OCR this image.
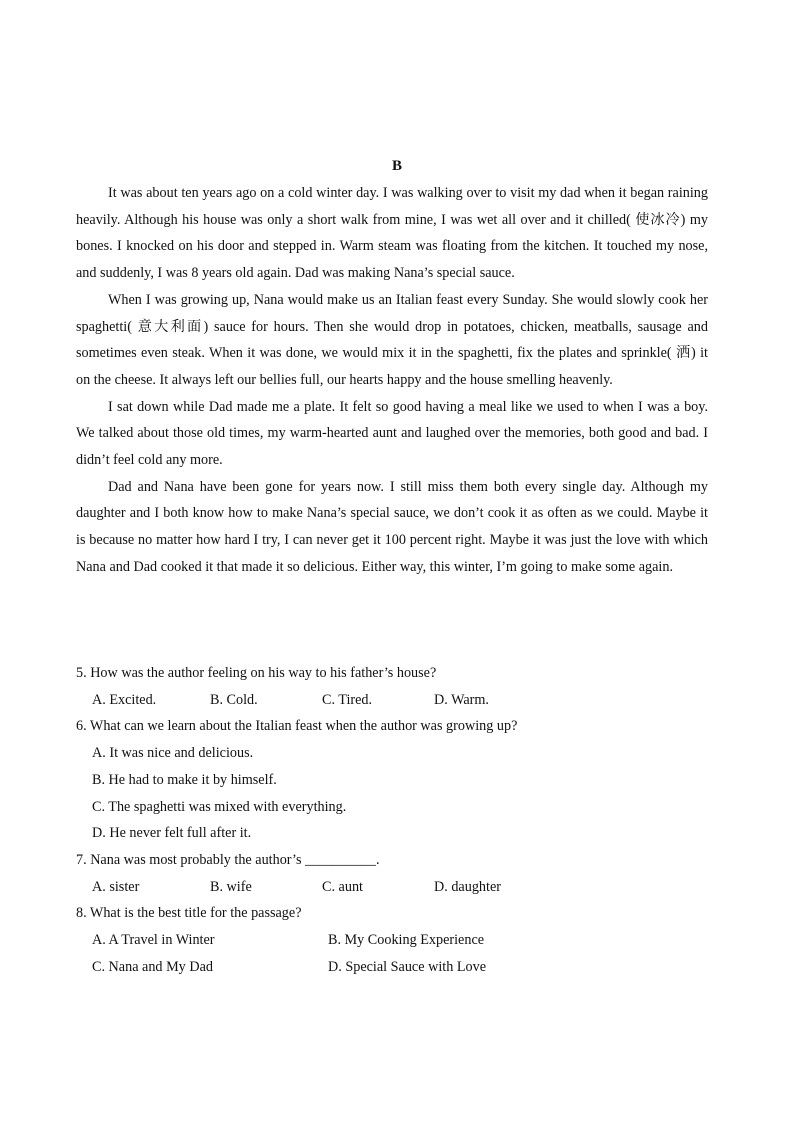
B

It was about ten years ago on a cold winter day. I was walking over to visit my dad when it began raining heavily. Although his house was only a short walk from mine, I was wet all over and it chilled( 使冰冷) my bones. I knocked on his door and stepped in. Warm steam was floating from the kitchen. It touched my nose, and suddenly, I was 8 years old again. Dad was making Nana’s special sauce.

When I was growing up, Nana would make us an Italian feast every Sunday. She would slowly cook her spaghetti( 意大利面) sauce for hours. Then she would drop in potatoes, chicken, meatballs, sausage and sometimes even steak. When it was done, we would mix it in the spaghetti, fix the plates and sprinkle( 洒) it on the cheese. It always left our bellies full, our hearts happy and the house smelling heavenly.

I sat down while Dad made me a plate. It felt so good having a meal like we used to when I was a boy. We talked about those old times, my warm-hearted aunt and laughed over the memories, both good and bad. I didn’t feel cold any more.

Dad and Nana have been gone for years now. I still miss them both every single day. Although my daughter and I both know how to make Nana’s special sauce, we don’t cook it as often as we could. Maybe it is because no matter how hard I try, I can never get it 100 percent right. Maybe it was just the love with which Nana and Dad cooked it that made it so delicious. Either way, this winter, I’m going to make some again.

5. How was the author feeling on his way to his father’s house?

A. Excited.	B. Cold.	C. Tired.	D. Warm.

6. What can we learn about the Italian feast when the author was growing up?

A. It was nice and delicious.

B. He had to make it by himself.

C. The spaghetti was mixed with everything.

D. He never felt full after it.

7. Nana was most probably the author’s __________.

A. sister	B. wife	C. aunt	D. daughter

8. What is the best title for the passage?

A. A Travel in Winter	B. My Cooking Experience
C. Nana and My Dad	D. Special Sauce with Love
